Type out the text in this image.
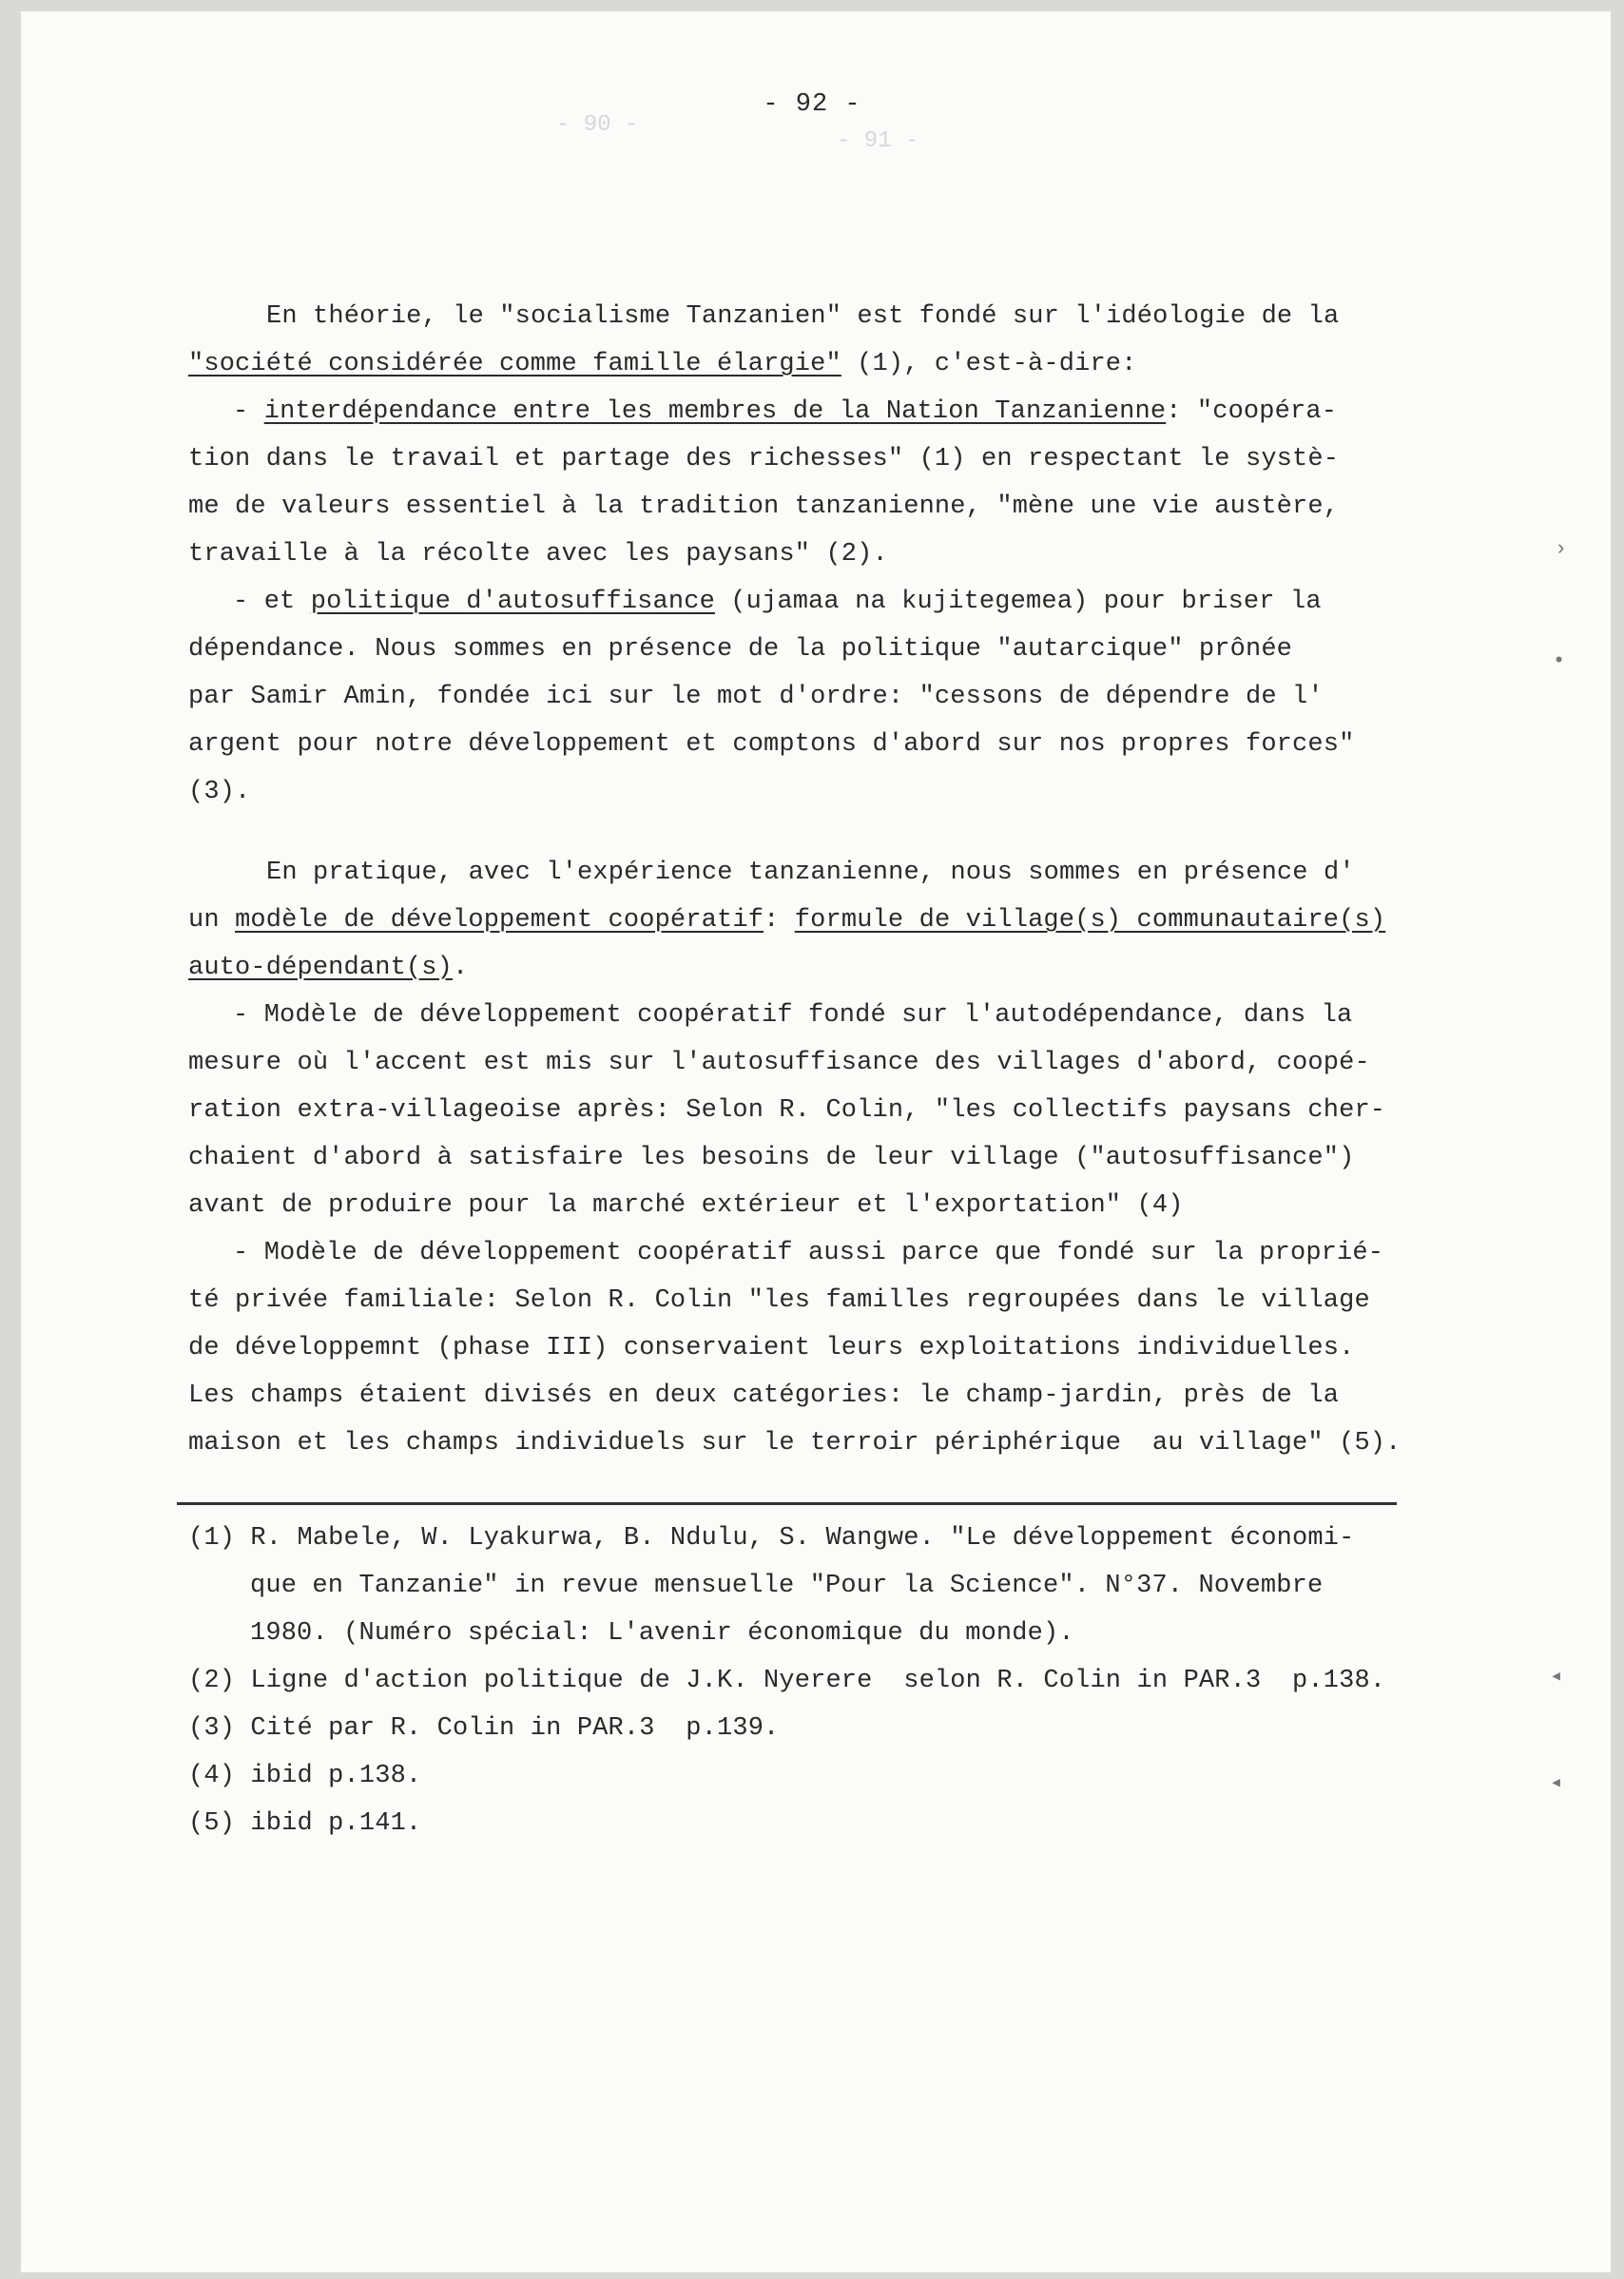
- 90 -
- 91 -
›
•
◂
◂
- 92 -
En théorie, le "socialisme Tanzanien" est fondé sur l'idéologie de la
"société considérée comme famille élargie" (1), c'est-à-dire:
- interdépendance entre les membres de la Nation Tanzanienne: "coopéra-
tion dans le travail et partage des richesses" (1) en respectant le systè-
me de valeurs essentiel à la tradition tanzanienne, "mène une vie austère,
travaille à la récolte avec les paysans" (2).
- et politique d'autosuffisance (ujamaa na kujitegemea) pour briser la
dépendance. Nous sommes en présence de la politique "autarcique" prônée
par Samir Amin, fondée ici sur le mot d'ordre: "cessons de dépendre de l'
argent pour notre développement et comptons d'abord sur nos propres forces"
(3).
En pratique, avec l'expérience tanzanienne, nous sommes en présence d'
un modèle de développement coopératif: formule de village(s) communautaire(s)
auto-dépendant(s).
- Modèle de développement coopératif fondé sur l'autodépendance, dans la
mesure où l'accent est mis sur l'autosuffisance des villages d'abord, coopé-
ration extra-villageoise après: Selon R. Colin, "les collectifs paysans cher-
chaient d'abord à satisfaire les besoins de leur village ("autosuffisance")
avant de produire pour la marché extérieur et l'exportation" (4)
- Modèle de développement coopératif aussi parce que fondé sur la proprié-
té privée familiale: Selon R. Colin "les familles regroupées dans le village
de développemnt (phase III) conservaient leurs exploitations individuelles.
Les champs étaient divisés en deux catégories: le champ-jardin, près de la
maison et les champs individuels sur le terroir périphérique  au village" (5).
(1) R. Mabele, W. Lyakurwa, B. Ndulu, S. Wangwe. "Le développement économi-
que en Tanzanie" in revue mensuelle "Pour la Science". N°37. Novembre
1980. (Numéro spécial: L'avenir économique du monde).
(2) Ligne d'action politique de J.K. Nyerere  selon R. Colin in PAR.3  p.138.
(3) Cité par R. Colin in PAR.3  p.139.
(4) ibid p.138.
(5) ibid p.141.
